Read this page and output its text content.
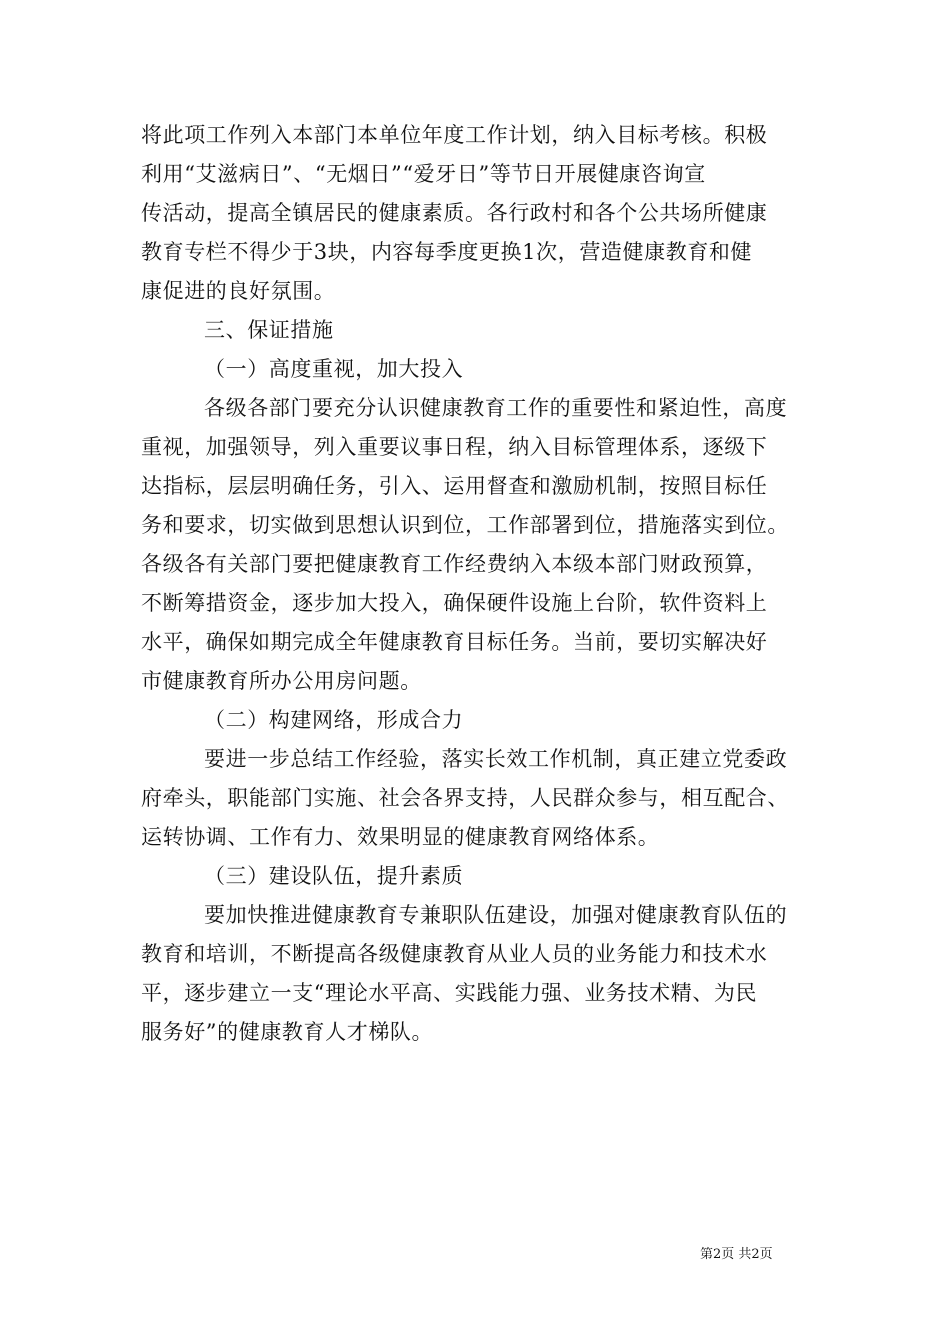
将此项工作列入本部门本单位年度工作计划，纳入目标考核。积极
利用“艾滋病日”、“无烟日”“爱牙日”等节日开展健康咨询宣
传活动，提高全镇居民的健康素质。各行政村和各个公共场所健康
教育专栏不得少于3块，内容每季度更换1次，营造健康教育和健
康促进的良好氛围。
三、保证措施
（一）高度重视，加大投入
各级各部门要充分认识健康教育工作的重要性和紧迫性，高度
重视，加强领导，列入重要议事日程，纳入目标管理体系，逐级下
达指标，层层明确任务，引入、运用督查和激励机制，按照目标任
务和要求，切实做到思想认识到位，工作部署到位，措施落实到位。
各级各有关部门要把健康教育工作经费纳入本级本部门财政预算，
不断筹措资金，逐步加大投入，确保硬件设施上台阶，软件资料上
水平，确保如期完成全年健康教育目标任务。当前，要切实解决好
市健康教育所办公用房问题。
（二）构建网络，形成合力
要进一步总结工作经验，落实长效工作机制，真正建立党委政
府牵头，职能部门实施、社会各界支持，人民群众参与，相互配合、
运转协调、工作有力、效果明显的健康教育网络体系。
（三）建设队伍，提升素质
要加快推进健康教育专兼职队伍建设，加强对健康教育队伍的
教育和培训，不断提高各级健康教育从业人员的业务能力和技术水
平，逐步建立一支“理论水平高、实践能力强、业务技术精、为民
服务好”的健康教育人才梯队。
第2页 共2页
